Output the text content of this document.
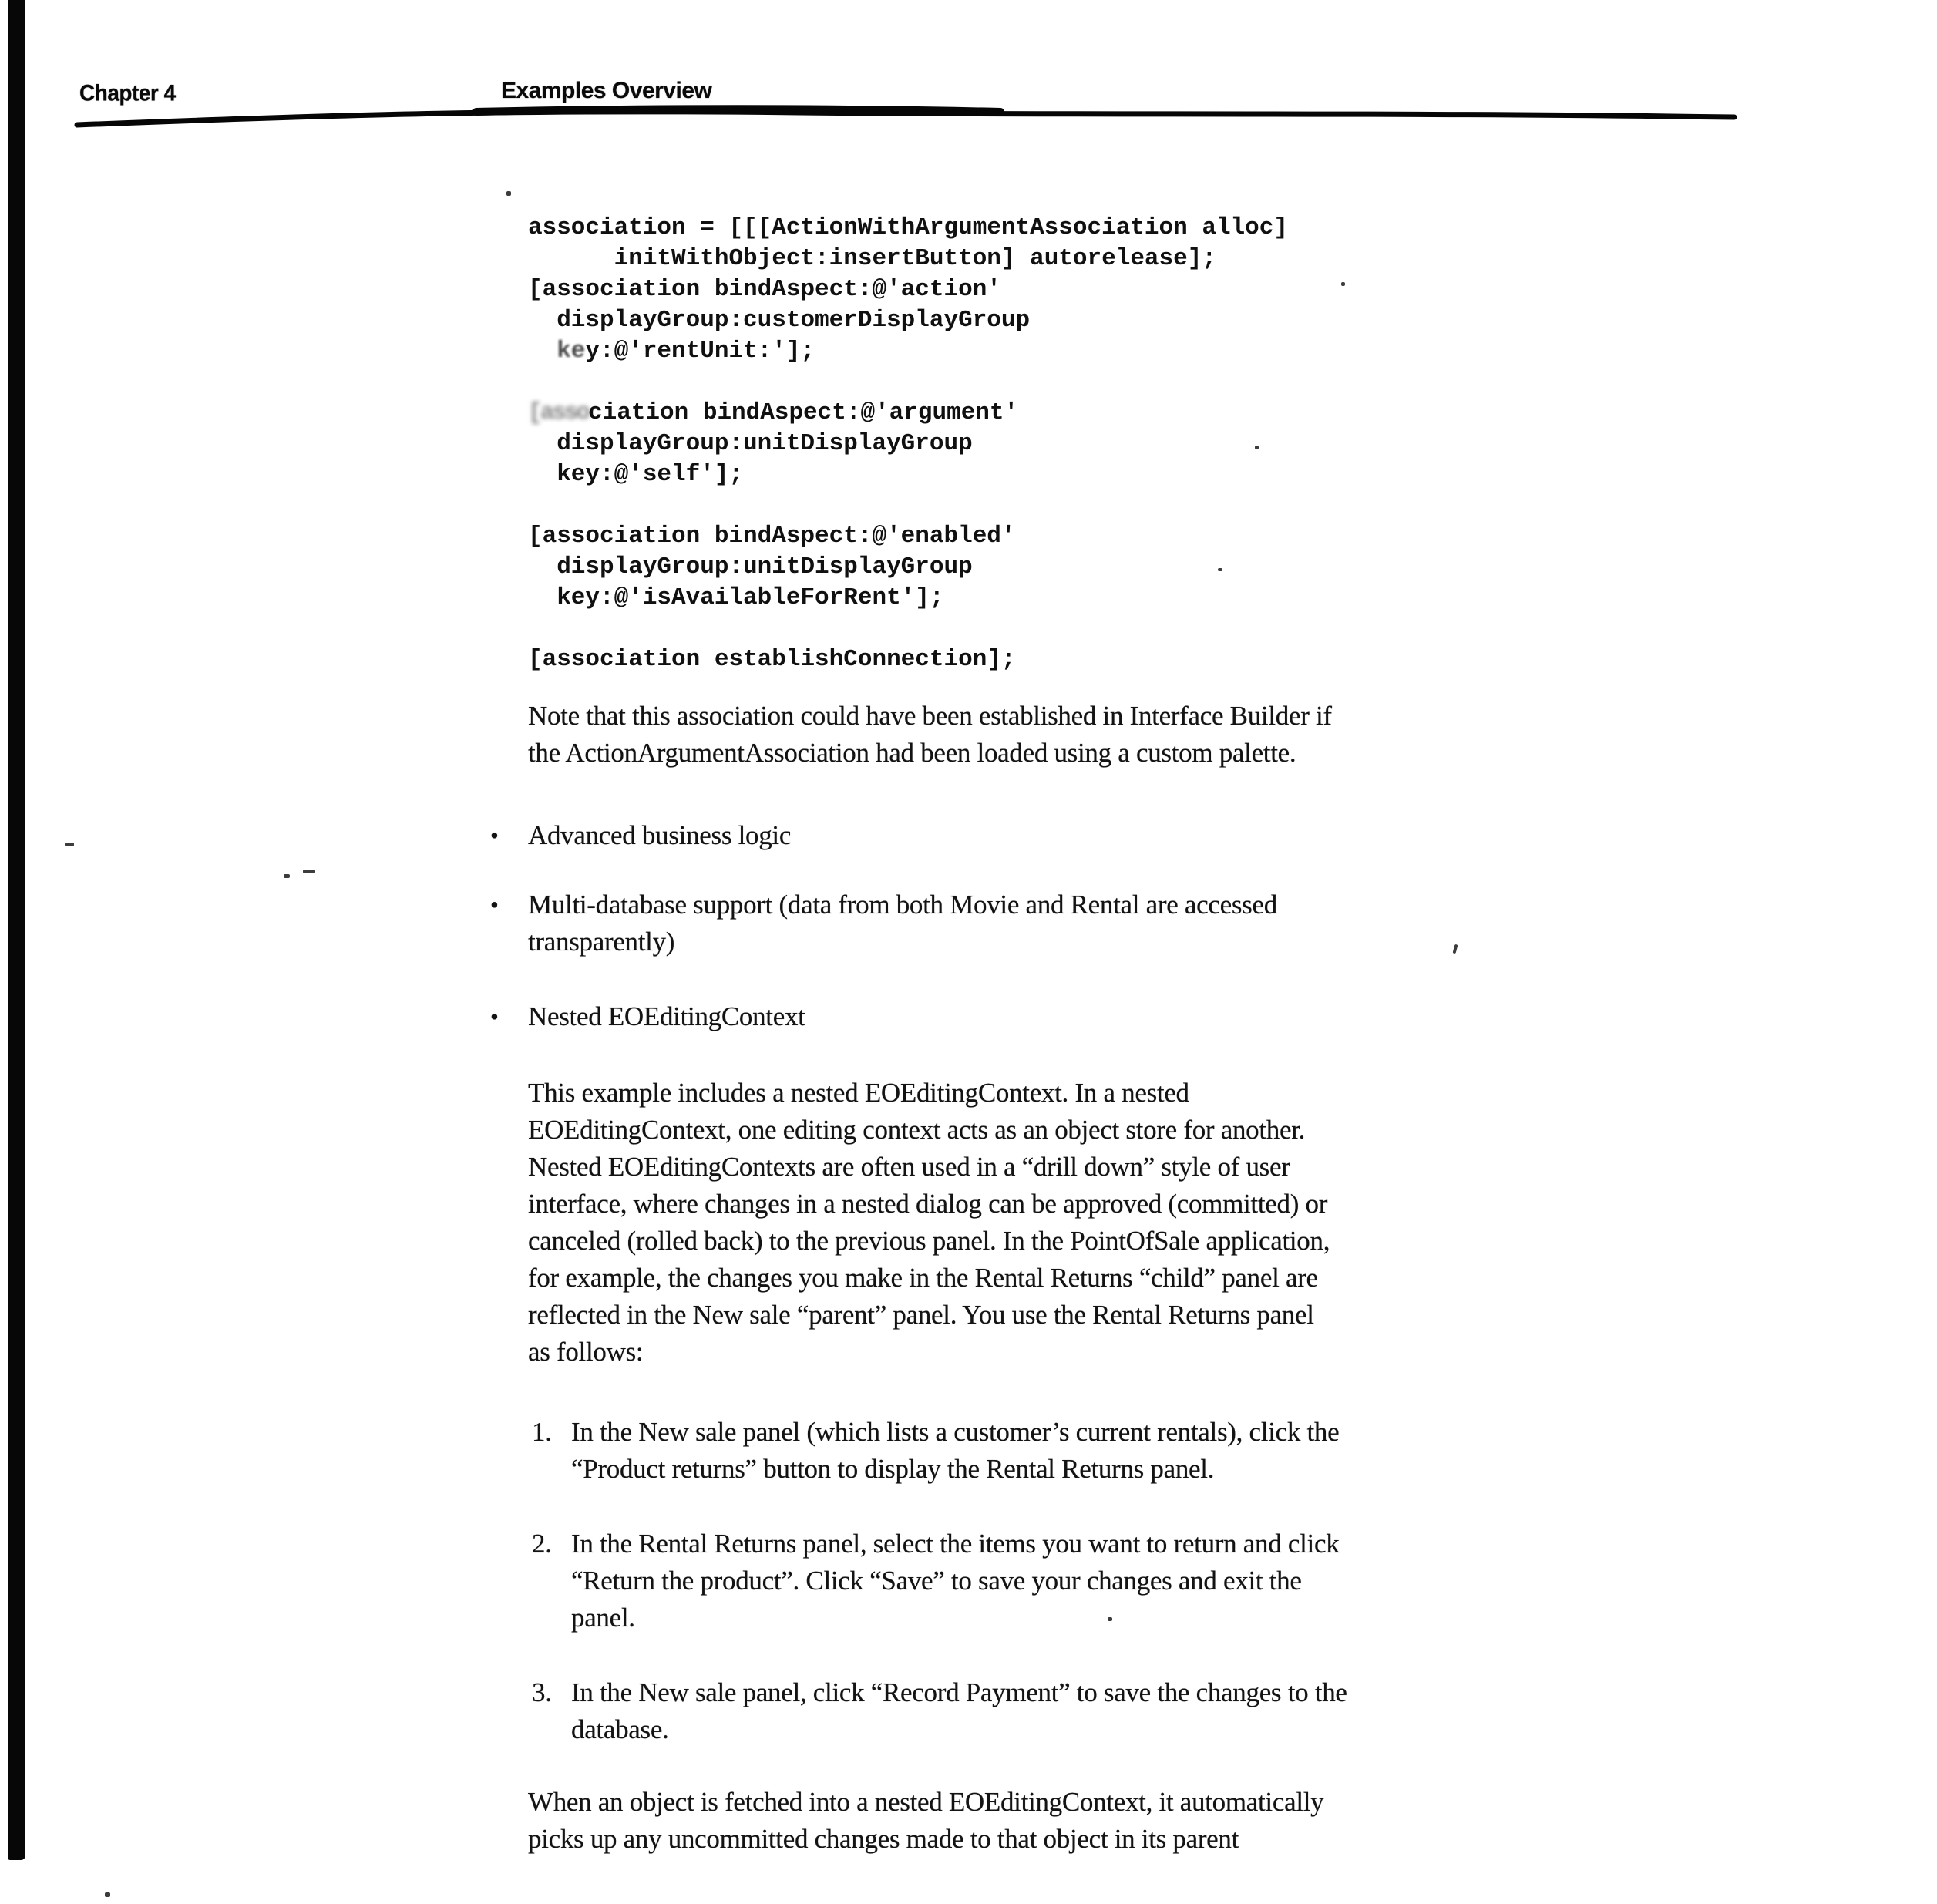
Chapter 4	Examples Overview
association = [[[ActionWithArgumentAssociation alloc]
initWithObject:insertButton] autorelease];
[association bindAspect:@'action'
displayGroup:customerDisplayGroup
key:@'rentUnit:'];
[association bindAspect:@'argument'
displayGroup:unitDisplayGroup
key:@'self'];
[association bindAspect:@'enabled'
displayGroup:unitDisplayGroup
key:@'isAvailableForRent'];
[association establishConnection];
Note that this association could have been established in Interface Builder if
the ActionArgumentAssociation had been loaded using a custom palette.
•	Advanced business logic
•	Multi-database support (data from both Movie and Rental are accessed
transparently)
•	Nested EOEditingContext
This example includes a nested EOEditingContext. In a nested
EOEditingContext, one editing context acts as an object store for another.
Nested EOEditingContexts are often used in a “drill down” style of user
interface, where changes in a nested dialog can be approved (committed) or
canceled (rolled back) to the previous panel. In the PointOfSale application,
for example, the changes you make in the Rental Returns “child” panel are
reflected in the New sale “parent” panel. You use the Rental Returns panel
as follows:
1. In the New sale panel (which lists a customer’s current rentals), click the
“Product returns” button to display the Rental Returns panel.
2. In the Rental Returns panel, select the items you want to return and click
“Return the product”. Click “Save” to save your changes and exit the
panel.
3. In the New sale panel, click “Record Payment” to save the changes to the
database.
When an object is fetched into a nested EOEditingContext, it automatically
picks up any uncommitted changes made to that object in its parent
